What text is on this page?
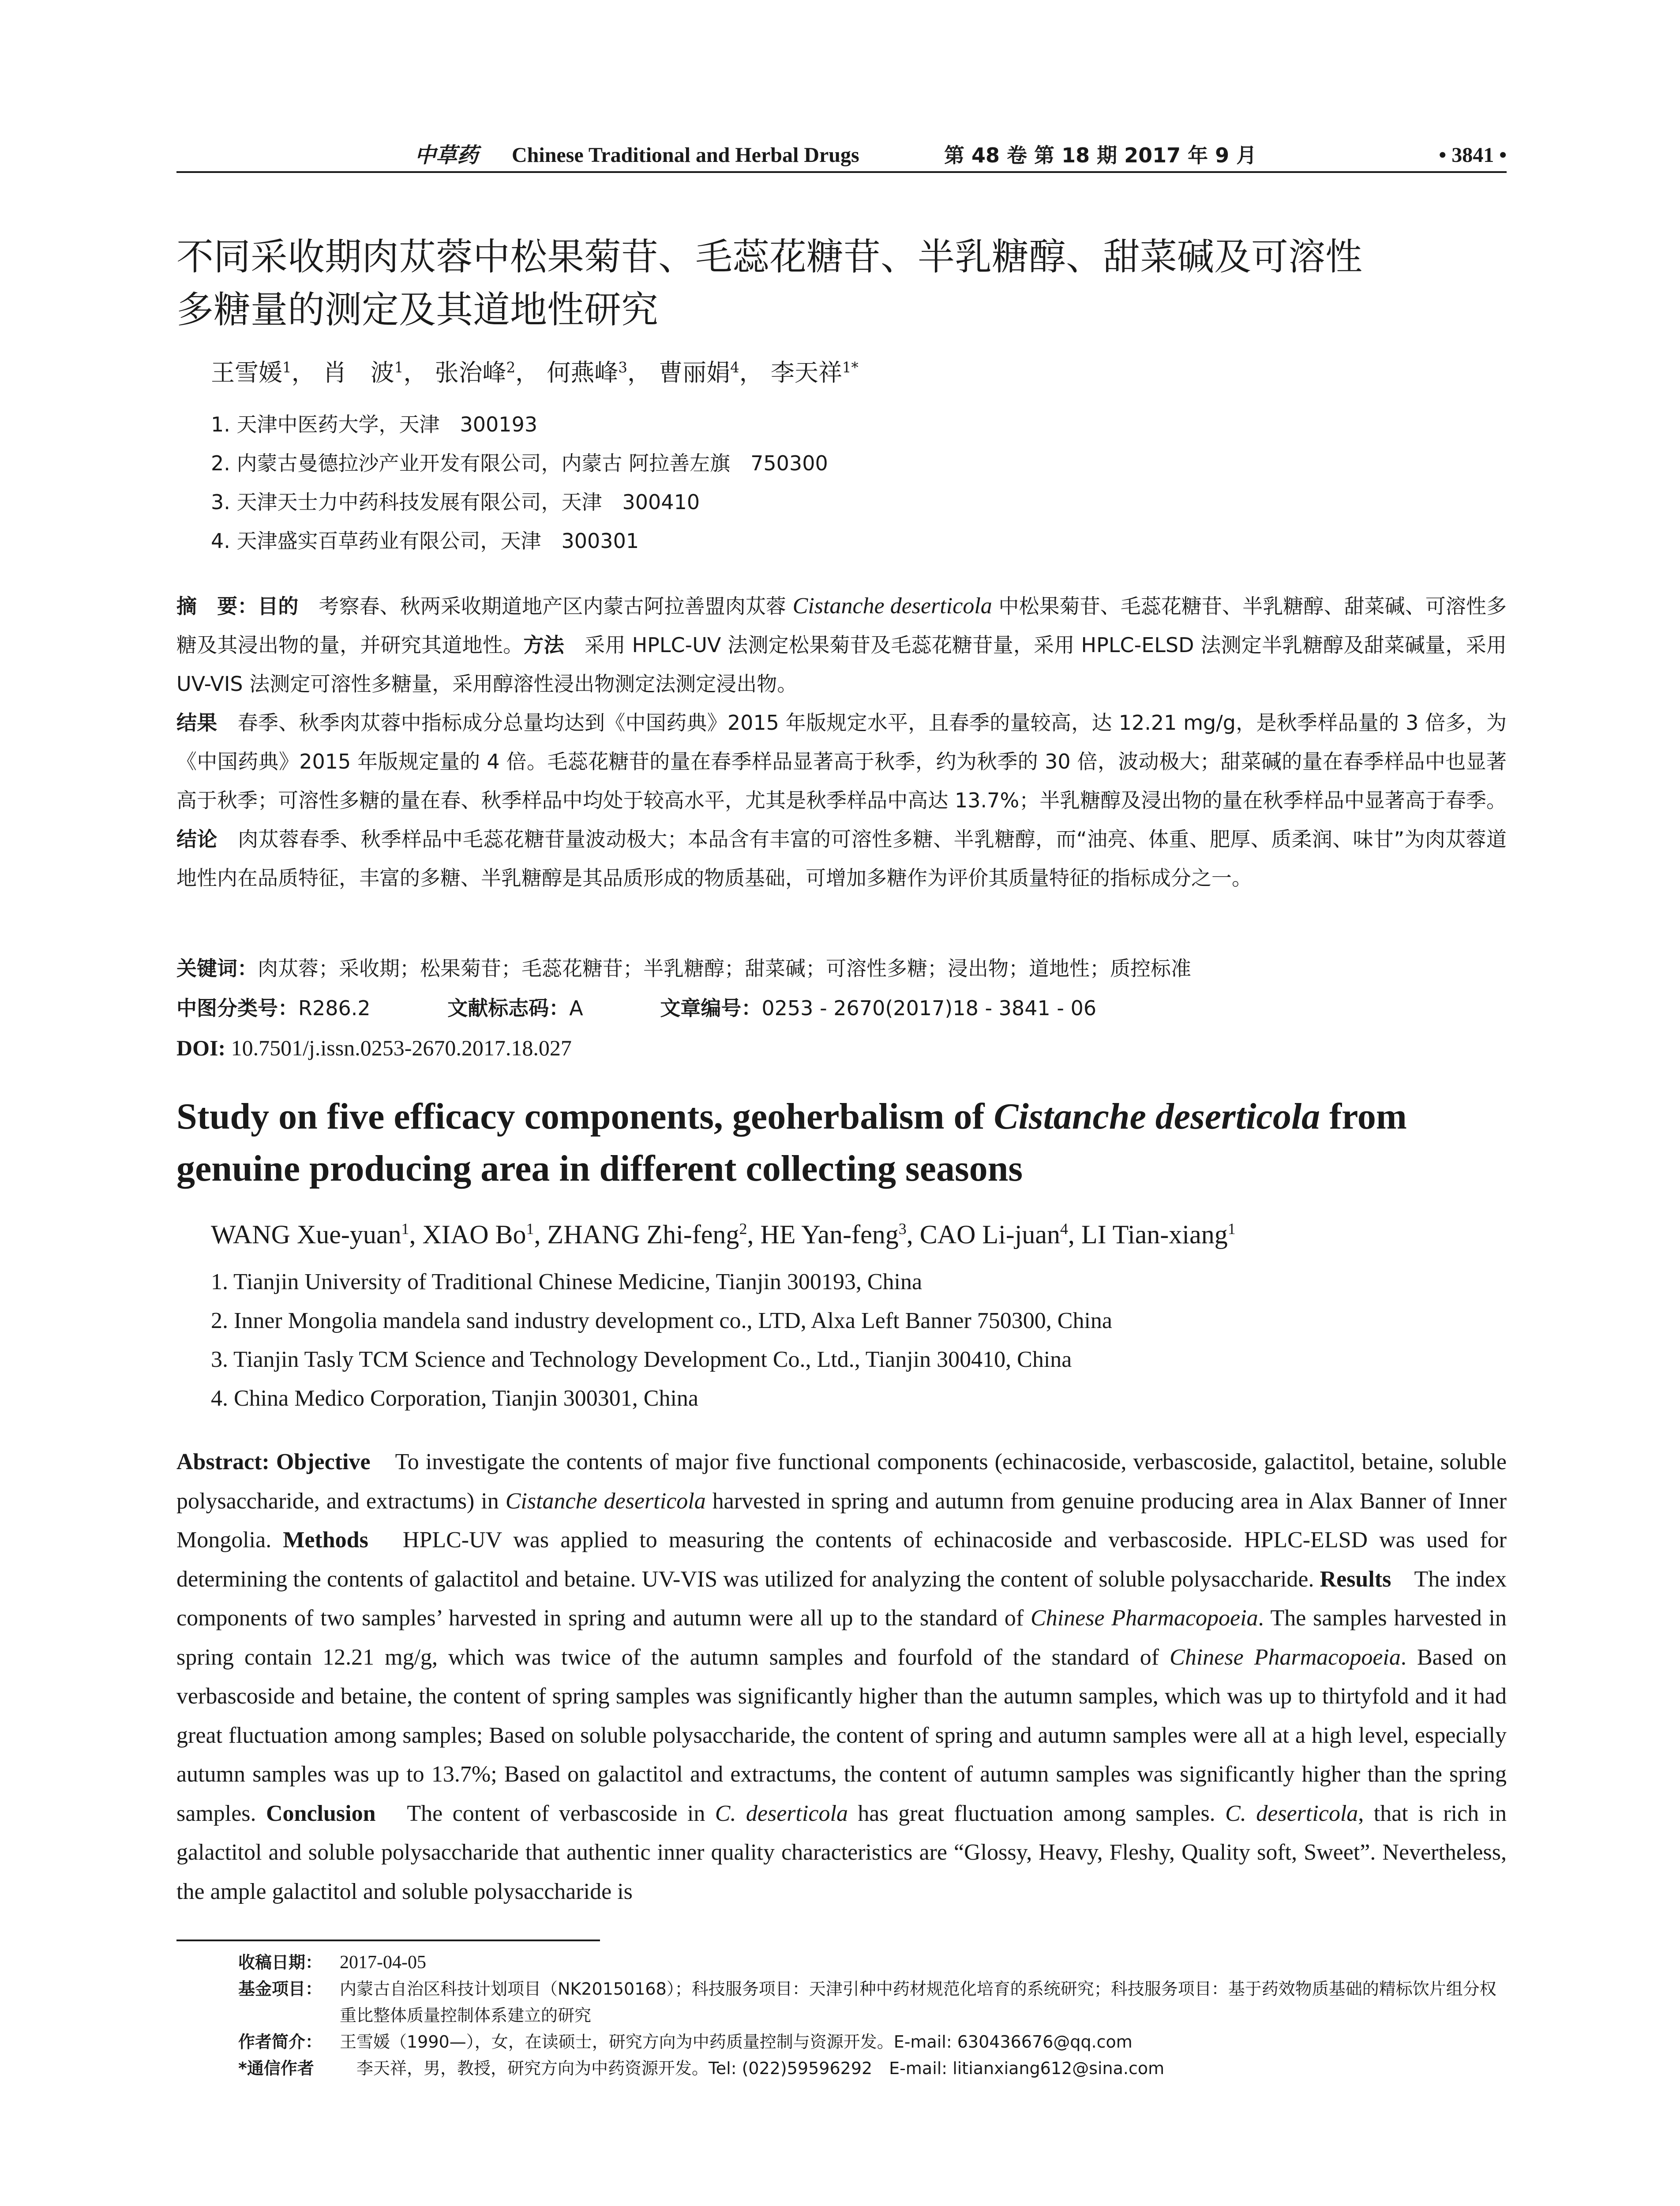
中草药 Chinese Traditional and Herbal Drugs	第 48 卷 第 18 期 2017 年 9 月	• 3841 •
不同采收期肉苁蓉中松果菊苷、毛蕊花糖苷、半乳糖醇、甜菜碱及可溶性
多糖量的测定及其道地性研究
王雪媛$^1$， 肖　波$^1$， 张治峰$^2$， 何燕峰$^3$， 曹丽娟$^4$， 李天祥$^{1*}$
1. 天津中医药大学，天津　300193
2. 内蒙古曼德拉沙产业开发有限公司，内蒙古 阿拉善左旗　750300
3. 天津天士力中药科技发展有限公司，天津　300410
4. 天津盛实百草药业有限公司，天津　300301
摘　要：目的　考察春、秋两采收期道地产区内蒙古阿拉善盟肉苁蓉 Cistanche deserticola 中松果菊苷、毛蕊花糖苷、半乳糖醇、甜菜碱、可溶性多糖及其浸出物的量，并研究其道地性。方法　采用 HPLC-UV 法测定松果菊苷及毛蕊花糖苷量，采用 HPLC-ELSD 法测定半乳糖醇及甜菜碱量，采用 UV-VIS 法测定可溶性多糖量，采用醇溶性浸出物测定法测定浸出物。
结果　春季、秋季肉苁蓉中指标成分总量均达到《中国药典》2015 年版规定水平，且春季的量较高，达 12.21 mg/g，是秋季样品量的 3 倍多，为《中国药典》2015 年版规定量的 4 倍。毛蕊花糖苷的量在春季样品显著高于秋季，约为秋季的 30 倍，波动极大；甜菜碱的量在春季样品中也显著高于秋季；可溶性多糖的量在春、秋季样品中均处于较高水平，尤其是秋季样品中高达 13.7%；半乳糖醇及浸出物的量在秋季样品中显著高于春季。结论　肉苁蓉春季、秋季样品中毛蕊花糖苷量波动极大；本品含有丰富的可溶性多糖、半乳糖醇，而“油亮、体重、肥厚、质柔润、味甘”为肉苁蓉道地性内在品质特征，丰富的多糖、半乳糖醇是其品质形成的物质基础，可增加多糖作为评价其质量特征的指标成分之一。
关键词：肉苁蓉；采收期；松果菊苷；毛蕊花糖苷；半乳糖醇；甜菜碱；可溶性多糖；浸出物；道地性；质控标准
中图分类号：R286.2	文献标志码：A	文章编号：0253 - 2670(2017)18 - 3841 - 06
DOI: 10.7501/j.issn.0253-2670.2017.18.027
Study on five efficacy components, geoherbalism of Cistanche deserticola from
genuine producing area in different collecting seasons
WANG Xue-yuan$^1$, XIAO Bo$^1$, ZHANG Zhi-feng$^2$, HE Yan-feng$^3$, CAO Li-juan$^4$, LI Tian-xiang$^1$
1. Tianjin University of Traditional Chinese Medicine, Tianjin 300193, China
2. Inner Mongolia mandela sand industry development co., LTD, Alxa Left Banner 750300, China
3. Tianjin Tasly TCM Science and Technology Development Co., Ltd., Tianjin 300410, China
4. China Medico Corporation, Tianjin 300301, China
Abstract: Objective　To investigate the contents of major five functional components (echinacoside, verbascoside, galactitol, betaine, soluble polysaccharide, and extractums) in Cistanche deserticola harvested in spring and autumn from genuine producing area in Alax Banner of Inner Mongolia. Methods　HPLC-UV was applied to measuring the contents of echinacoside and verbascoside. HPLC-ELSD was used for determining the contents of galactitol and betaine. UV-VIS was utilized for analyzing the content of soluble polysaccharide. Results　The index components of two samples’ harvested in spring and autumn were all up to the standard of Chinese Pharmacopoeia. The samples harvested in spring contain 12.21 mg/g, which was twice of the autumn samples and fourfold of the standard of Chinese Pharmacopoeia. Based on verbascoside and betaine, the content of spring samples was significantly higher than the autumn samples, which was up to thirtyfold and it had great fluctuation among samples; Based on soluble polysaccharide, the content of spring and autumn samples were all at a high level, especially autumn samples was up to 13.7%; Based on galactitol and extractums, the content of autumn samples was significantly higher than the spring samples. Conclusion　The content of verbascoside in C. deserticola has great fluctuation among samples. C. deserticola, that is rich in galactitol and soluble polysaccharide that authentic inner quality characteristics are “Glossy, Heavy, Fleshy, Quality soft, Sweet”. Nevertheless, the ample galactitol and soluble polysaccharide is
收稿日期： 2017-04-05
基金项目： 内蒙古自治区科技计划项目（NK20150168）；科技服务项目：天津引种中药材规范化培育的系统研究；科技服务项目：基于药效物质基础的精标饮片组分权重比整体质量控制体系建立的研究
作者简介： 王雪媛（1990—），女，在读硕士，研究方向为中药质量控制与资源开发。E-mail: 630436676@qq.com
*通信作者 　李天祥，男，教授，研究方向为中药资源开发。Tel: (022)59596292　E-mail: litianxiang612@sina.com
